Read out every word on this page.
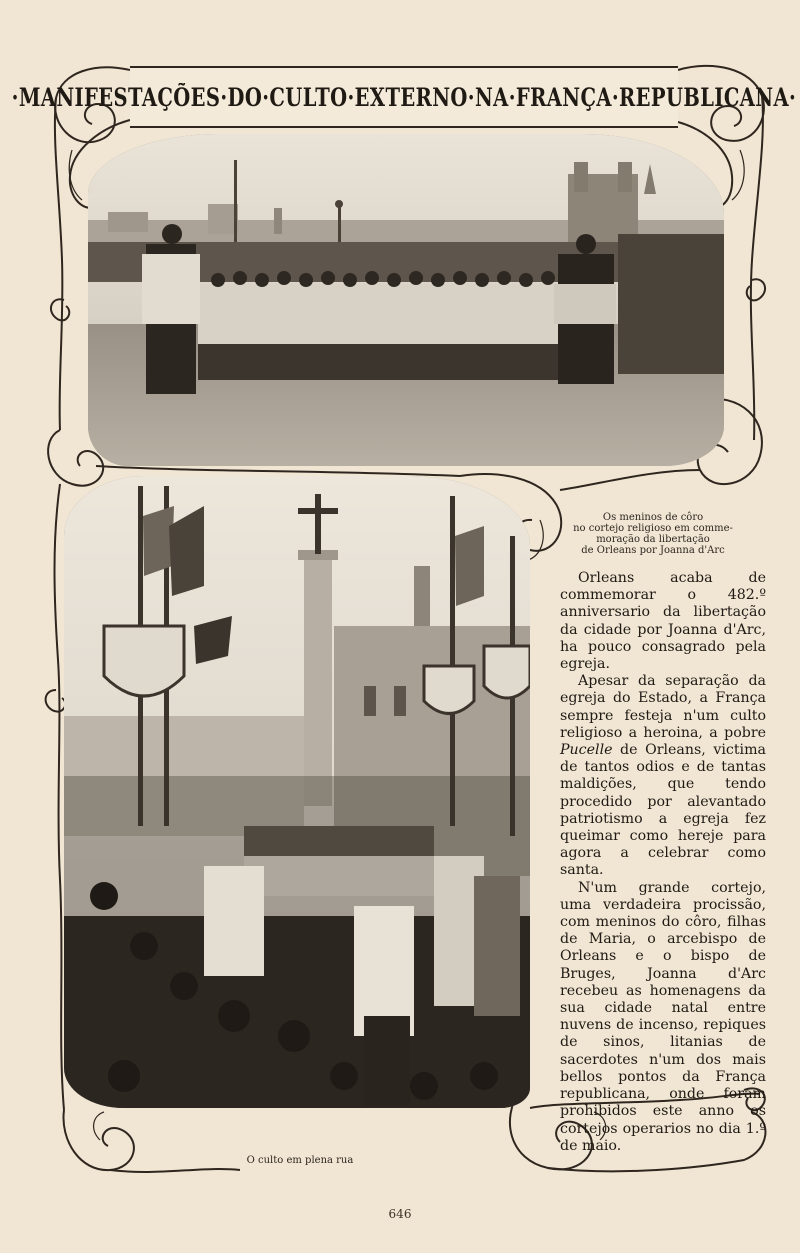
·MANIFESTAÇÕES·DO·CULTO·EXTERNO·NA·FRANÇA·REPUBLICANA·
Os meninos de côro
no cortejo religioso em comme-
moração da libertação
de Orleans por Joanna d'Arc

Orleans acaba de commemorar o 482.º anniversario da libertação da cidade por Joanna d'Arc, ha pouco consagrado pela egreja.

Apesar da separação da egreja do Estado, a França sempre festeja n'um culto religioso a heroina, a pobre Pucelle de Orleans, victima de tantos odios e de tantas maldições, que tendo procedido por alevantado patriotismo a egreja fez queimar como hereje para agora a celebrar como santa.

N'um grande cortejo, uma verdadeira procissão, com meninos do côro, filhas de Maria, o arcebispo de Orleans e o bispo de Bruges, Joanna d'Arc recebeu as homenagens da sua cidade natal entre nuvens de incenso, repiques de sinos, litanias de sacerdotes n'um dos mais bellos pontos da França republicana, onde foram prohibidos este anno os cortejos operarios no dia 1.º de maio.

O culto em plena rua
646
